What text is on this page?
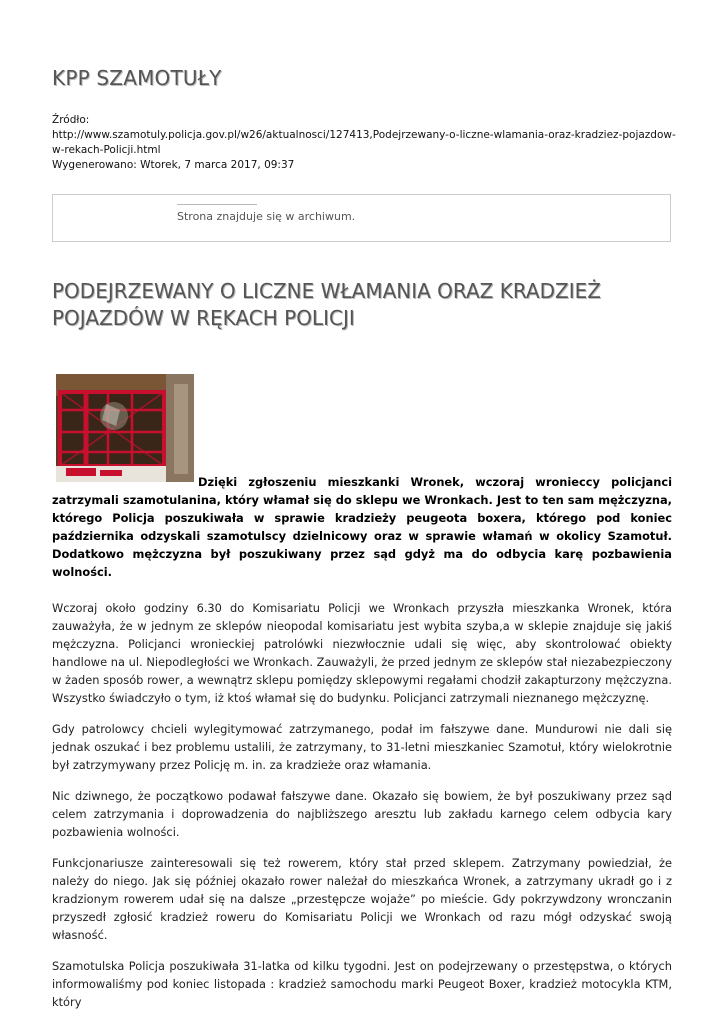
KPP SZAMOTUŁY
Źródło:
http://www.szamotuly.policja.gov.pl/w26/aktualnosci/127413,Podejrzewany-o-liczne-wlamania-oraz-kradziez-pojazdow-w-rekach-Policji.html
Wygenerowano: Wtorek, 7 marca 2017, 09:37
Strona znajduje się w archiwum.
PODEJRZEWANY O LICZNE WŁAMANIA ORAZ KRADZIEŻ POJAZDÓW W RĘKACH POLICJI
Dzięki zgłoszeniu mieszkanki Wronek, wczoraj wronieccy policjanci zatrzymali szamotulanina, który włamał się do sklepu we Wronkach. Jest to ten sam mężczyzna, którego Policja poszukiwała w sprawie kradzieży peugeota boxera, którego pod koniec października odzyskali szamotulscy dzielnicowy oraz w sprawie włamań w okolicy Szamotuł. Dodatkowo mężczyzna był poszukiwany przez sąd gdyż ma do odbycia karę pozbawienia wolności.

Wczoraj około godziny 6.30 do Komisariatu Policji we Wronkach przyszła mieszkanka Wronek, która zauważyła, że w jednym ze sklepów nieopodal komisariatu jest wybita szyba,a w sklepie znajduje się jakiś mężczyzna. Policjanci wronieckiej patrolówki niezwłocznie udali się więc, aby skontrolować obiekty handlowe na ul. Niepodległości we Wronkach. Zauważyli, że przed jednym ze sklepów stał niezabezpieczony w żaden sposób rower, a wewnątrz sklepu pomiędzy sklepowymi regałami chodził zakapturzony mężczyzna. Wszystko świadczyło o tym, iż ktoś włamał się do budynku. Policjanci zatrzymali nieznanego mężczyznę.

Gdy patrolowcy chcieli wylegitymować zatrzymanego, podał im fałszywe dane. Mundurowi nie dali się jednak oszukać i bez problemu ustalili, że zatrzymany, to 31-letni mieszkaniec Szamotuł, który wielokrotnie był zatrzymywany przez Policję m. in. za kradzieże oraz włamania.

Nic dziwnego, że początkowo podawał fałszywe dane. Okazało się bowiem, że był poszukiwany przez sąd celem zatrzymania i doprowadzenia do najbliższego aresztu lub zakładu karnego celem odbycia kary pozbawienia wolności.

Funkcjonariusze zainteresowali się też rowerem, który stał przed sklepem. Zatrzymany powiedział, że należy do niego. Jak się później okazało rower należał do mieszkańca Wronek, a zatrzymany ukradł go i z kradzionym rowerem udał się na dalsze „przestępcze wojaże” po mieście. Gdy pokrzywdzony wronczanin przyszedł zgłosić kradzież roweru do Komisariatu Policji we Wronkach od razu mógł odzyskać swoją własność.

Szamotulska Policja poszukiwała 31-latka od kilku tygodni. Jest on podejrzewany o przestępstwa, o których informowaliśmy pod koniec listopada : kradzież samochodu marki Peugeot Boxer, kradzież motocykla KTM, który
